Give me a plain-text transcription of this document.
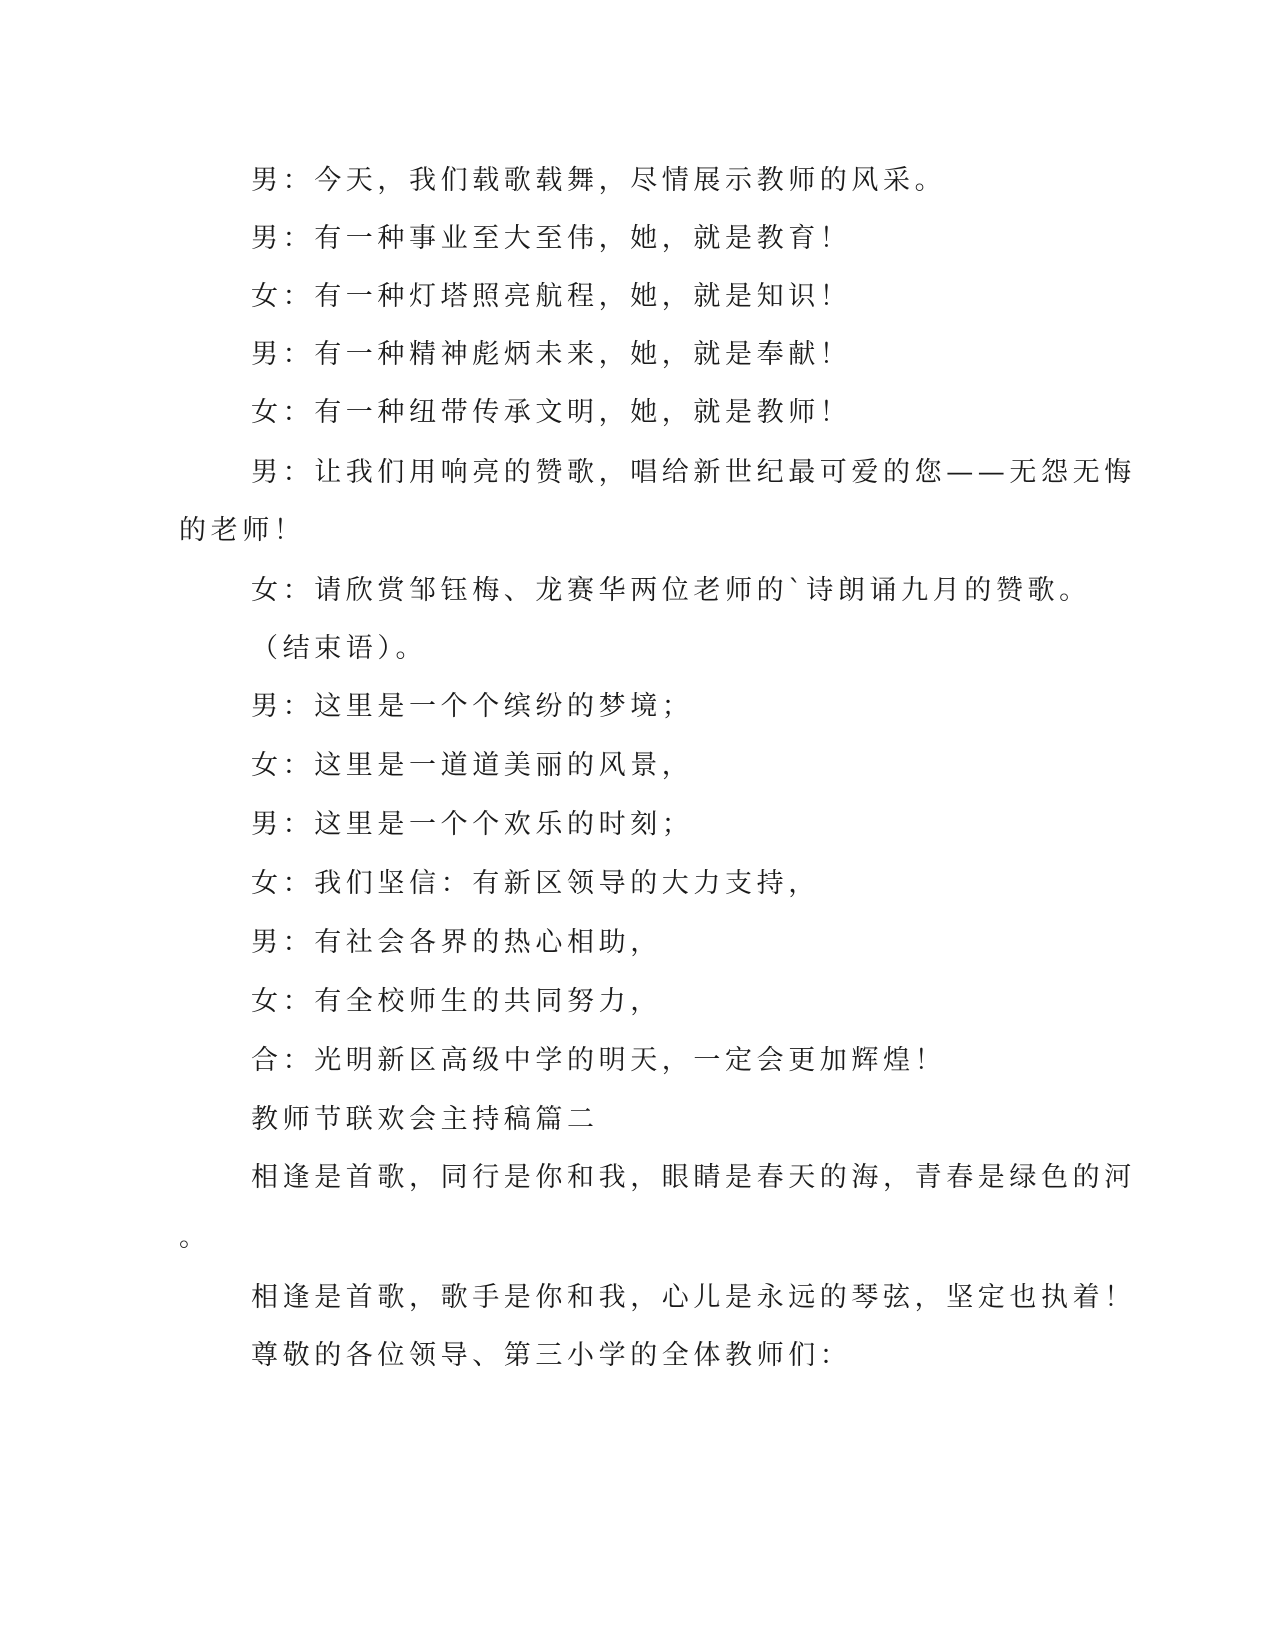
男：今天，我们载歌载舞，尽情展示教师的风采。
男：有一种事业至大至伟，她，就是教育！
女：有一种灯塔照亮航程，她，就是知识！
男：有一种精神彪炳未来，她，就是奉献！
女：有一种纽带传承文明，她，就是教师！
男：让我们用响亮的赞歌，唱给新世纪最可爱的您——无怨无悔
的老师！
女：请欣赏邹钰梅、龙赛华两位老师的`诗朗诵九月的赞歌。
（结束语）。
男：这里是一个个缤纷的梦境；
女：这里是一道道美丽的风景，
男：这里是一个个欢乐的时刻；
女：我们坚信：有新区领导的大力支持，
男：有社会各界的热心相助，
女：有全校师生的共同努力，
合：光明新区高级中学的明天，一定会更加辉煌！
教师节联欢会主持稿篇二
相逢是首歌，同行是你和我，眼睛是春天的海，青春是绿色的河
。
相逢是首歌，歌手是你和我，心儿是永远的琴弦，坚定也执着！
尊敬的各位领导、第三小学的全体教师们：
